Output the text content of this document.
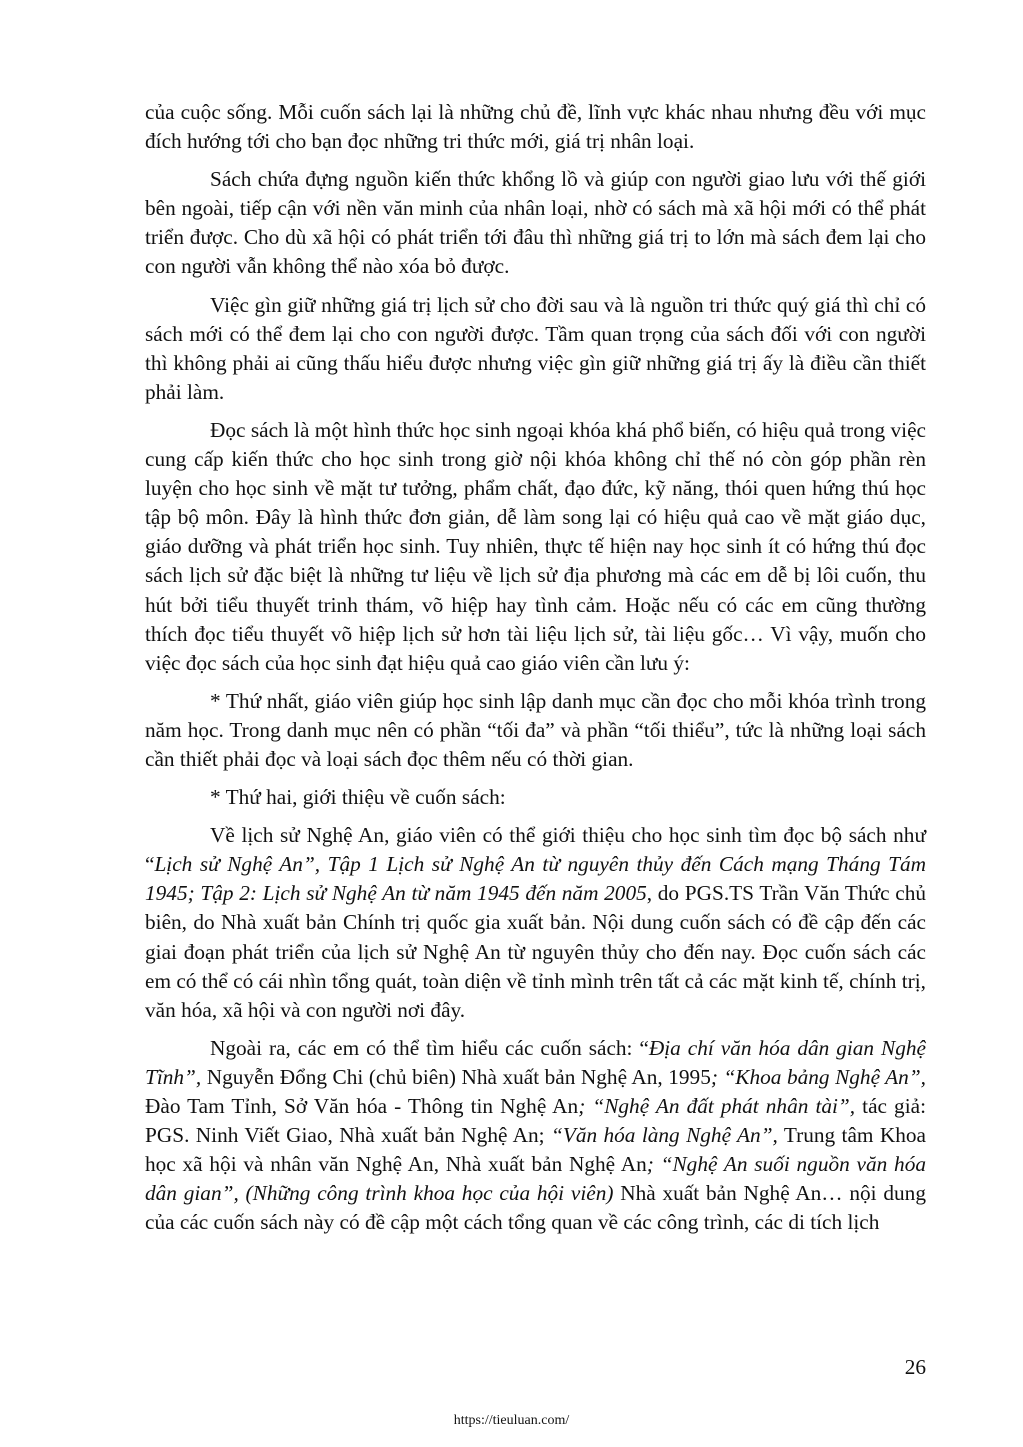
của cuộc sống. Mỗi cuốn sách lại là những chủ đề, lĩnh vực khác nhau nhưng đều với mục đích hướng tới cho bạn đọc những tri thức mới, giá trị nhân loại.

Sách chứa đựng nguồn kiến thức khổng lồ và giúp con người giao lưu với thế giới bên ngoài, tiếp cận với nền văn minh của nhân loại, nhờ có sách mà xã hội mới có thể phát triển được. Cho dù xã hội có phát triển tới đâu thì những giá trị to lớn mà sách đem lại cho con người vẫn không thể nào xóa bỏ được.

Việc gìn giữ những giá trị lịch sử cho đời sau và là nguồn tri thức quý giá thì chỉ có sách mới có thể đem lại cho con người được. Tầm quan trọng của sách đối với con người thì không phải ai cũng thấu hiểu được nhưng việc gìn giữ những giá trị ấy là điều cần thiết phải làm.

Đọc sách là một hình thức học sinh ngoại khóa khá phổ biến, có hiệu quả trong việc cung cấp kiến thức cho học sinh trong giờ nội khóa không chỉ thế nó còn góp phần rèn luyện cho học sinh về mặt tư tưởng, phẩm chất, đạo đức, kỹ năng, thói quen hứng thú học tập bộ môn. Đây là hình thức đơn giản, dễ làm song lại có hiệu quả cao về mặt giáo dục, giáo dưỡng và phát triển học sinh. Tuy nhiên, thực tế hiện nay học sinh ít có hứng thú đọc sách lịch sử đặc biệt là những tư liệu về lịch sử địa phương mà các em dễ bị lôi cuốn, thu hút bởi tiểu thuyết trinh thám, võ hiệp hay tình cảm. Hoặc nếu có các em cũng thường thích đọc tiểu thuyết võ hiệp lịch sử hơn tài liệu lịch sử, tài liệu gốc… Vì vậy, muốn cho việc đọc sách của học sinh đạt hiệu quả cao giáo viên cần lưu ý:

* Thứ nhất, giáo viên giúp học sinh lập danh mục cần đọc cho mỗi khóa trình trong năm học. Trong danh mục nên có phần “tối đa” và phần “tối thiểu”, tức là những loại sách cần thiết phải đọc và loại sách đọc thêm nếu có thời gian.

* Thứ hai, giới thiệu về cuốn sách:

Về lịch sử Nghệ An, giáo viên có thể giới thiệu cho học sinh tìm đọc bộ sách như “Lịch sử Nghệ An”, Tập 1 Lịch sử Nghệ An từ nguyên thủy đến Cách mạng Tháng Tám 1945; Tập 2: Lịch sử Nghệ An từ năm 1945 đến năm 2005, do PGS.TS Trần Văn Thức chủ biên, do Nhà xuất bản Chính trị quốc gia xuất bản. Nội dung cuốn sách có đề cập đến các giai đoạn phát triển của lịch sử Nghệ An từ nguyên thủy cho đến nay. Đọc cuốn sách các em có thể có cái nhìn tổng quát, toàn diện về tỉnh mình trên tất cả các mặt kinh tế, chính trị, văn hóa, xã hội và con người nơi đây.

Ngoài ra, các em có thể tìm hiểu các cuốn sách: “Địa chí văn hóa dân gian Nghệ Tĩnh”, Nguyễn Đổng Chi (chủ biên) Nhà xuất bản Nghệ An, 1995; “Khoa bảng Nghệ An”, Đào Tam Tỉnh, Sở Văn hóa - Thông tin Nghệ An; “Nghệ An đất phát nhân tài”, tác giả: PGS. Ninh Viết Giao, Nhà xuất bản Nghệ An; “Văn hóa làng Nghệ An”, Trung tâm Khoa học xã hội và nhân văn Nghệ An, Nhà xuất bản Nghệ An; “Nghệ An suối nguồn văn hóa dân gian”, (Những công trình khoa học của hội viên) Nhà xuất bản Nghệ An… nội dung của các cuốn sách này có đề cập một cách tổng quan về các công trình, các di tích lịch

26
https://tieuluan.com/
